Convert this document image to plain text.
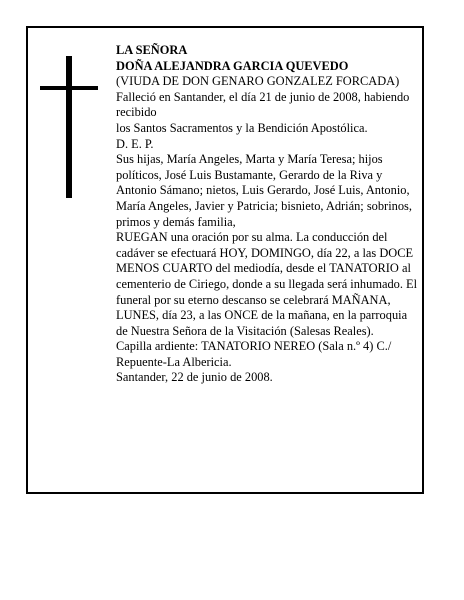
LA SEÑORA

DOÑA ALEJANDRA GARCIA QUEVEDO

(VIUDA DE DON GENARO GONZALEZ FORCADA)

Falleció en Santander, el día 21 de junio de 2008, habiendo recibido

los Santos Sacramentos y la Bendición Apostólica.

D. E. P.

Sus hijas, María Angeles, Marta y María Teresa; hijos políticos, José Luis Bustamante, Gerardo de la Riva y Antonio Sámano; nietos, Luis Gerardo, José Luis, Antonio, María Angeles, Javier y Patricia; bisnieto, Adrián; sobrinos, primos y demás familia,

RUEGAN una oración por su alma. La conducción del cadáver se efectuará HOY, DOMINGO, día 22, a las DOCE MENOS CUARTO del mediodía, desde el TANATORIO al cementerio de Ciriego, donde a su llegada será inhumado. El funeral por su eterno descanso se celebrará MAÑANA, LUNES, día 23, a las ONCE de la mañana, en la parroquia de Nuestra Señora de la Visitación (Salesas Reales).

Capilla ardiente: TANATORIO NEREO (Sala n.º 4) C./ Repuente-La Albericia.

Santander, 22 de junio de 2008.
